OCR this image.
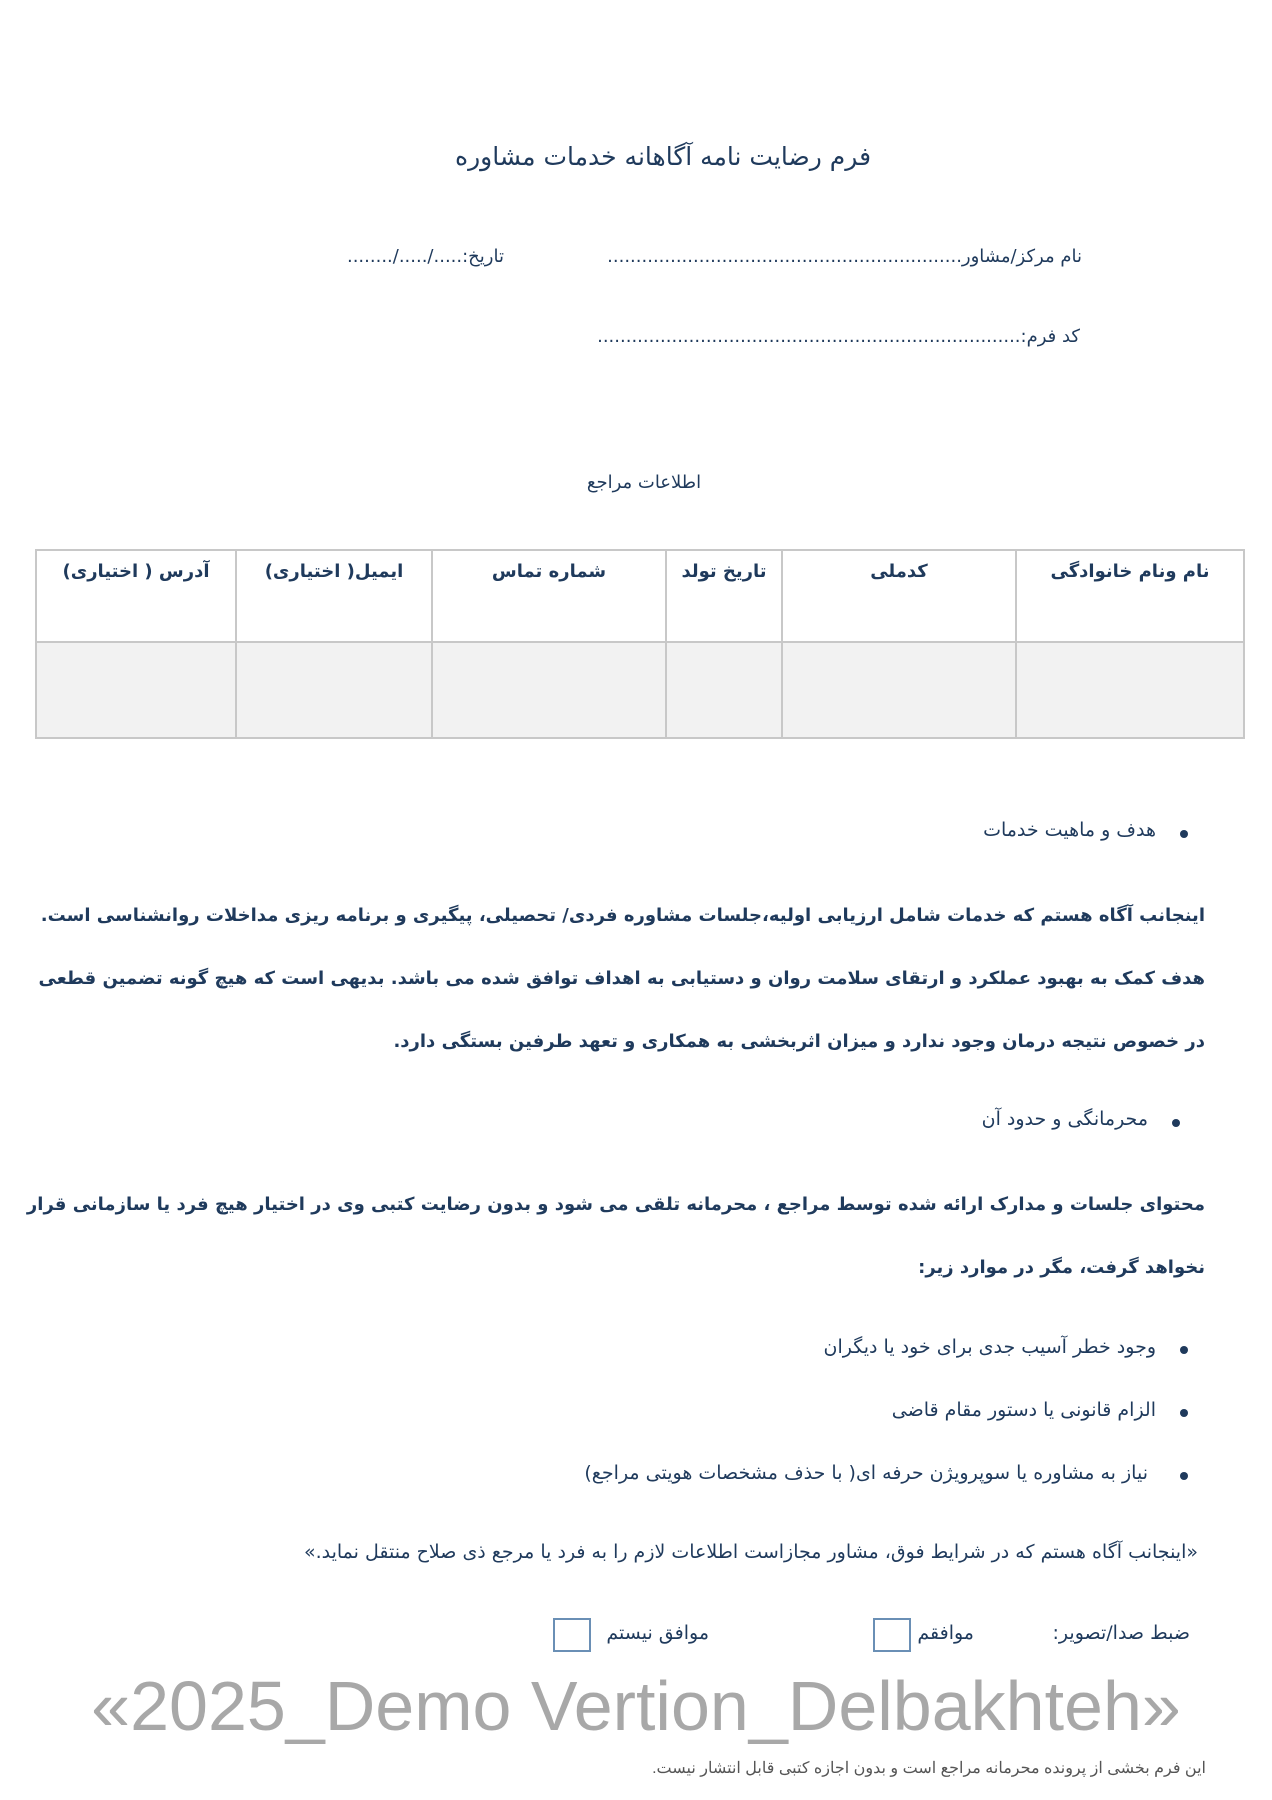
فرم رضایت نامه آگاهانه خدمات مشاوره
نام مرکز/مشاور..............................................................
تاریخ:...../...../........
کد فرم:..........................................................................
اطلاعات مراجع
نام ونام خانوادگی	کدملی	تاریخ تولد	شماره تماس	ایمیل( اختیاری)	آدرس ( اختیاری)

هدف و ماهیت خدمات
اینجانب آگاه هستم که خدمات شامل ارزیابی اولیه،جلسات مشاوره فردی/ تحصیلی، پیگیری و برنامه ریزی مداخلات روانشناسی است.
هدف کمک به بهبود عملکرد و ارتقای سلامت روان و دستیابی به اهداف توافق شده می باشد. بدیهی است که هیچ گونه تضمین قطعی
در خصوص نتیجه درمان وجود ندارد و میزان اثربخشی به همکاری و تعهد طرفین بستگی دارد.
محرمانگی و حدود آن
محتوای جلسات و مدارک ارائه شده توسط مراجع ، محرمانه تلقی می شود و بدون رضایت کتبی وی در اختیار هیچ فرد یا سازمانی قرار
نخواهد گرفت، مگر در موارد زیر:
وجود خطر آسیب جدی برای خود یا دیگران
الزام قانونی یا دستور مقام قاضی
نیاز به مشاوره یا سوپرویژن حرفه ای( با حذف مشخصات هویتی مراجع)
«اینجانب آگاه هستم که در شرایط فوق، مشاور مجازاست اطلاعات لازم را به فرد یا مرجع ذی صلاح منتقل نماید.»
ضبط صدا/تصویر:
موافقم
موافق نیستم
«2025_Demo Vertion_Delbakhteh»
این فرم بخشی از پرونده محرمانه مراجع است و بدون اجازه کتبی قابل انتشار نیست.
